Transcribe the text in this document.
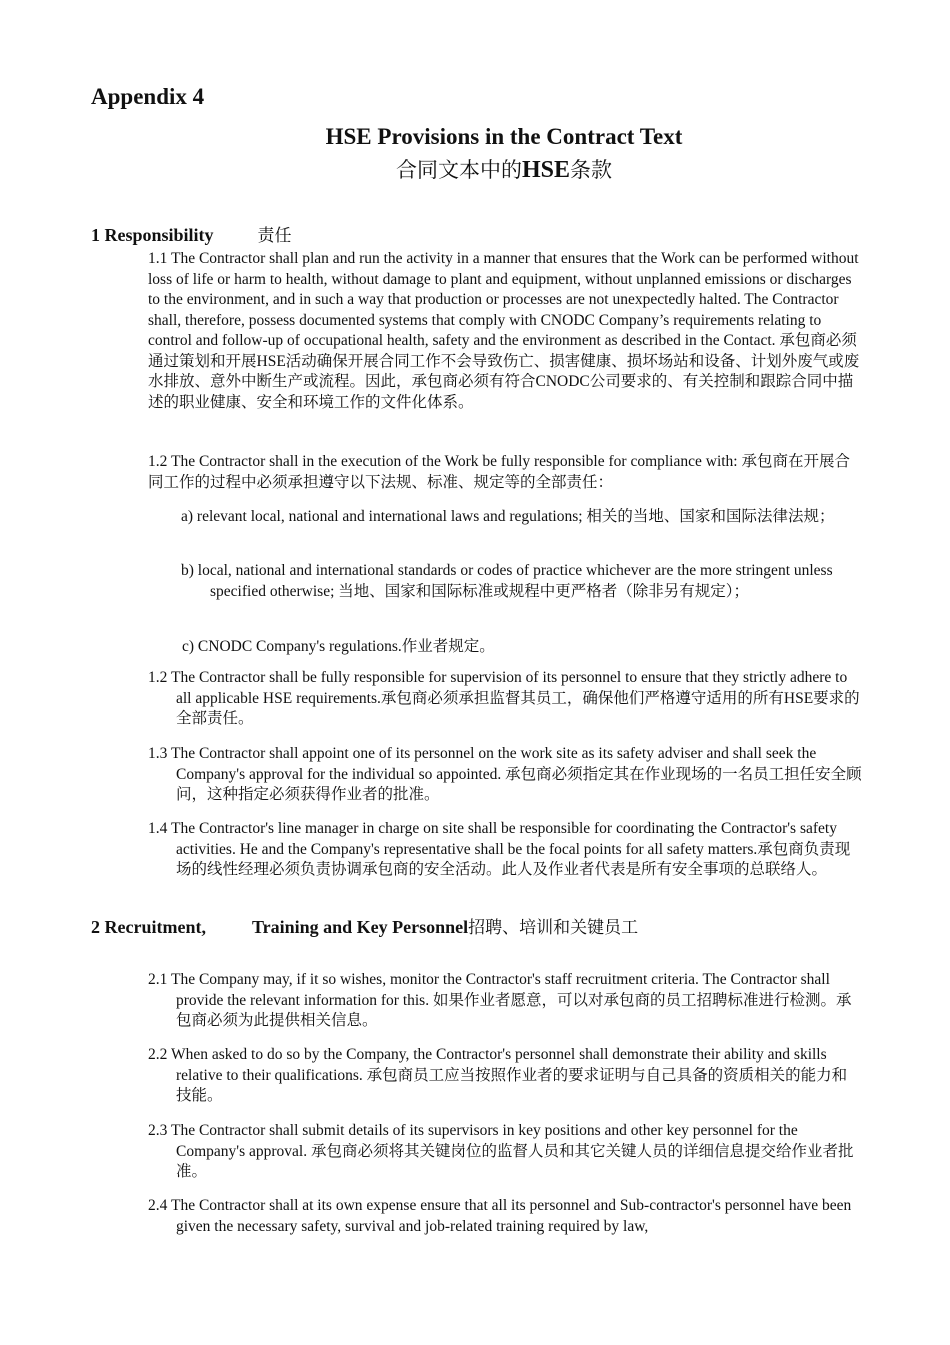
Appendix 4
HSE Provisions in the Contract Text
合同文本中的HSE条款
1 Responsibility	责任

1.1 The Contractor shall plan and run the activity in a manner that ensures that the Work can be performed without loss of life or harm to health, without damage to plant and equipment, without unplanned emissions or discharges to the environment, and in such a way that production or processes are not unexpectedly halted. The Contractor shall, therefore, possess documented systems that comply with CNODC Company’s requirements relating to control and follow-up of occupational health, safety and the environment as described in the Contact. 承包商必须通过策划和开展HSE活动确保开展合同工作不会导致伤亡、损害健康、损坏场站和设备、计划外废气或废水排放、意外中断生产或流程。因此，承包商必须有符合CNODC公司要求的、有关控制和跟踪合同中描述的职业健康、安全和环境工作的文件化体系。

1.2 The Contractor shall in the execution of the Work be fully responsible for compliance with: 承包商在开展合同工作的过程中必须承担遵守以下法规、标准、规定等的全部责任：

a) relevant local, national and international laws and regulations; 相关的当地、国家和国际法律法规；

b) local, national and international standards or codes of practice whichever are the more stringent unless specified otherwise; 当地、国家和国际标准或规程中更严格者（除非另有规定）；

c) CNODC Company's regulations.作业者规定。

1.2 The Contractor shall be fully responsible for supervision of its personnel to ensure that they strictly adhere to all applicable HSE requirements.承包商必须承担监督其员工，确保他们严格遵守适用的所有HSE要求的全部责任。

1.3 The Contractor shall appoint one of its personnel on the work site as its safety adviser and shall seek the Company's approval for the individual so appointed. 承包商必须指定其在作业现场的一名员工担任安全顾问，这种指定必须获得作业者的批准。

1.4 The Contractor's line manager in charge on site shall be responsible for coordinating the Contractor's safety activities. He and the Company's representative shall be the focal points for all safety matters.承包商负责现场的线性经理必须负责协调承包商的安全活动。此人及作业者代表是所有安全事项的总联络人。

2 Recruitment,	Training and Key Personnel招聘、培训和关键员工

2.1 The Company may, if it so wishes, monitor the Contractor's staff recruitment criteria. The Contractor shall provide the relevant information for this. 如果作业者愿意，可以对承包商的员工招聘标准进行检测。承包商必须为此提供相关信息。

2.2 When asked to do so by the Company, the Contractor's personnel shall demonstrate their ability and skills relative to their qualifications. 承包商员工应当按照作业者的要求证明与自己具备的资质相关的能力和技能。

2.3 The Contractor shall submit details of its supervisors in key positions and other key personnel for the Company's approval. 承包商必须将其关键岗位的监督人员和其它关键人员的详细信息提交给作业者批准。

2.4 The Contractor shall at its own expense ensure that all its personnel and Sub-contractor's personnel have been given the necessary safety, survival and job-related training required by law,
